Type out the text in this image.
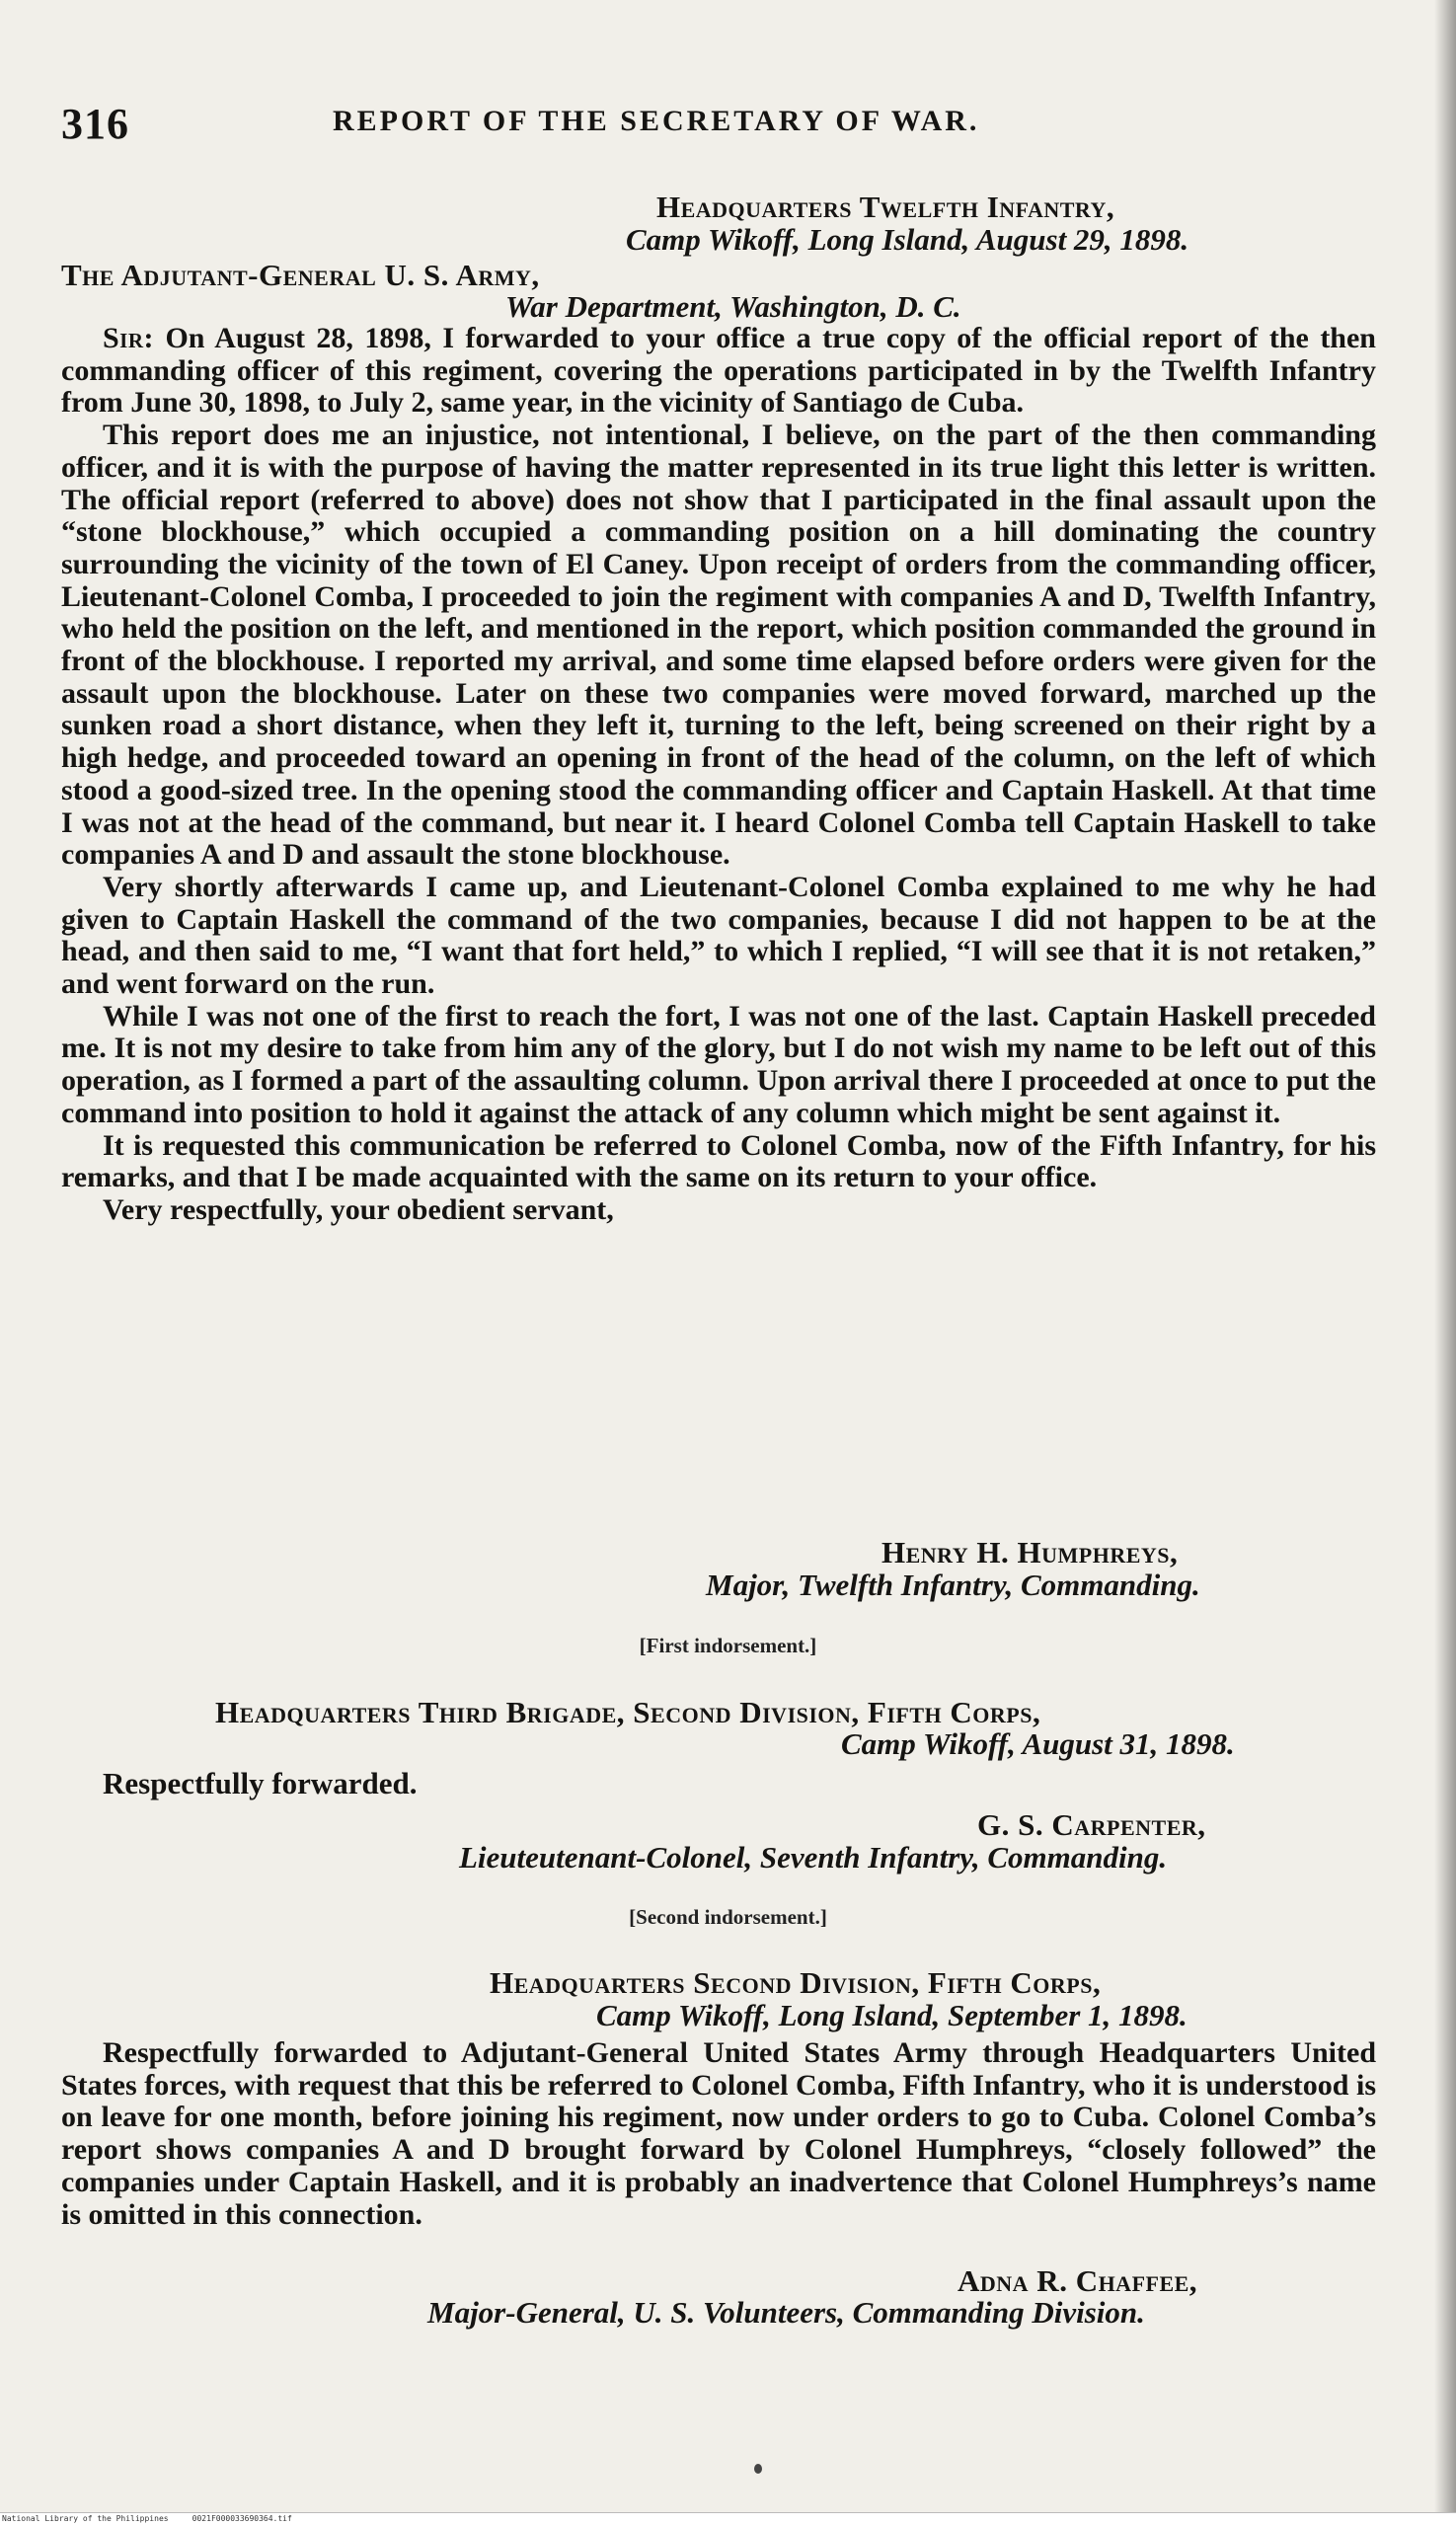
316	REPORT OF THE SECRETARY OF WAR.
Headquarters Twelfth Infantry,
Camp Wikoff, Long Island, August 29, 1898.
The Adjutant-General U. S. Army,
War Department, Washington, D. C.

Sir: On August 28, 1898, I forwarded to your office a true copy of the official report of the then commanding officer of this regiment, covering the operations participated in by the Twelfth Infantry from June 30, 1898, to July 2, same year, in the vicinity of Santiago de Cuba.

This report does me an injustice, not intentional, I believe, on the part of the then commanding officer, and it is with the purpose of having the matter represented in its true light this letter is written. The official report (referred to above) does not show that I participated in the final assault upon the “stone blockhouse,” which occupied a commanding position on a hill dominating the country surrounding the vicinity of the town of El Caney. Upon receipt of orders from the commanding officer, Lieutenant-Colonel Comba, I proceeded to join the regiment with companies A and D, Twelfth Infantry, who held the position on the left, and mentioned in the report, which position commanded the ground in front of the blockhouse. I reported my arrival, and some time elapsed before orders were given for the assault upon the blockhouse. Later on these two companies were moved forward, marched up the sunken road a short distance, when they left it, turning to the left, being screened on their right by a high hedge, and proceeded toward an opening in front of the head of the column, on the left of which stood a good-sized tree. In the opening stood the commanding officer and Captain Haskell. At that time I was not at the head of the command, but near it. I heard Colonel Comba tell Captain Haskell to take companies A and D and assault the stone blockhouse.

Very shortly afterwards I came up, and Lieutenant-Colonel Comba explained to me why he had given to Captain Haskell the command of the two companies, because I did not happen to be at the head, and then said to me, “I want that fort held,” to which I replied, “I will see that it is not retaken,” and went forward on the run.

While I was not one of the first to reach the fort, I was not one of the last. Captain Haskell preceded me. It is not my desire to take from him any of the glory, but I do not wish my name to be left out of this operation, as I formed a part of the assaulting column. Upon arrival there I proceeded at once to put the command into position to hold it against the attack of any column which might be sent against it.

It is requested this communication be referred to Colonel Comba, now of the Fifth Infantry, for his remarks, and that I be made acquainted with the same on its return to your office.

Very respectfully, your obedient servant,

Henry H. Humphreys,
Major, Twelfth Infantry, Commanding.
[First indorsement.]
Headquarters Third Brigade, Second Division, Fifth Corps,
Camp Wikoff, August 31, 1898.
Respectfully forwarded.
G. S. Carpenter,
Lieuteutenant-Colonel, Seventh Infantry, Commanding.
[Second indorsement.]
Headquarters Second Division, Fifth Corps,
Camp Wikoff, Long Island, September 1, 1898.

Respectfully forwarded to Adjutant-General United States Army through Headquarters United States forces, with request that this be referred to Colonel Comba, Fifth Infantry, who it is understood is on leave for one month, before joining his regiment, now under orders to go to Cuba. Colonel Comba’s report shows companies A and D brought forward by Colonel Humphreys, “closely followed” the companies under Captain Haskell, and it is probably an inadvertence that Colonel Humphreys’s name is omitted in this connection.

Adna R. Chaffee,
Major-General, U. S. Volunteers, Commanding Division.
National Library of the Philippines	0021F000033690364.tif
